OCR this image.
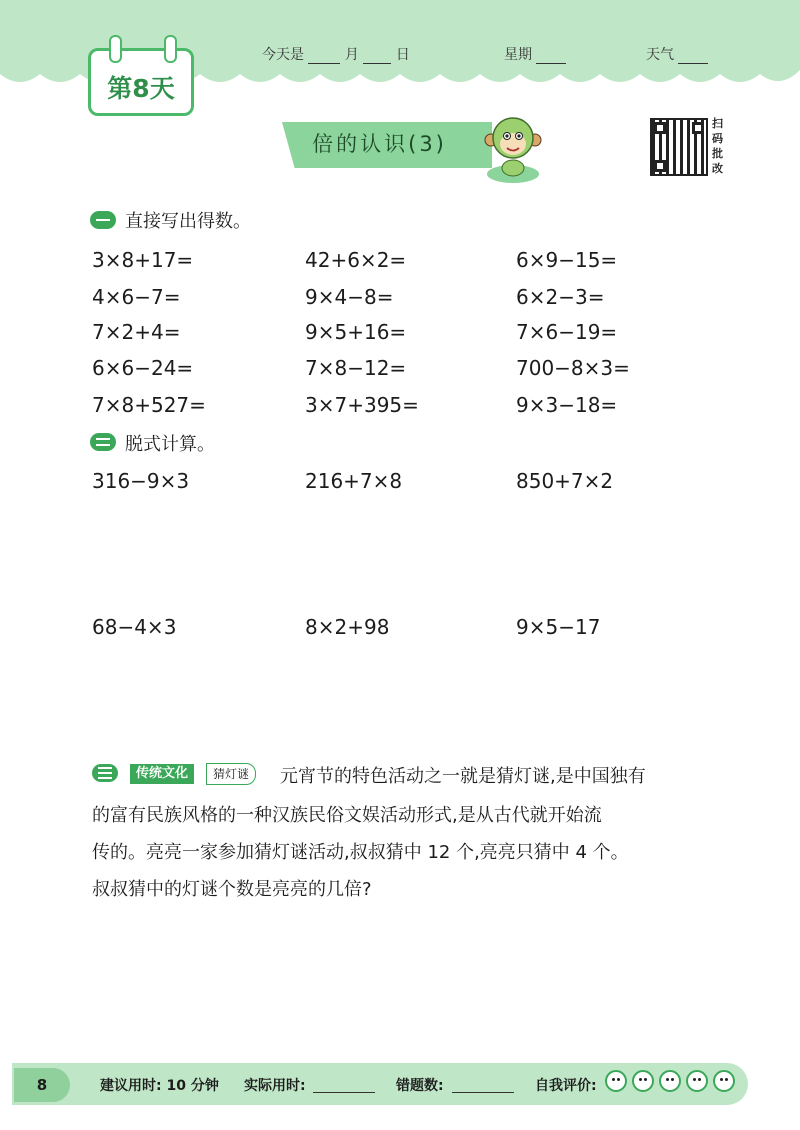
第8天
今天是	月	日	星期	天气
倍的认识(3)
扫
码
批
改
直接写出得数。
3×8+17=	42+6×2=	6×9−15=
4×6−7=	9×4−8=	6×2−3=
7×2+4=	9×5+16=	7×6−19=
6×6−24=	7×8−12=	700−8×3=
7×8+527=	3×7+395=	9×3−18=
脱式计算。
316−9×3	216+7×8	850+7×2
68−4×3	8×2+98	9×5−17
传统文化	猜灯谜	元宵节的特色活动之一就是猜灯谜,是中国独有
的富有民族风格的一种汉族民俗文娱活动形式,是从古代就开始流
传的。亮亮一家参加猜灯谜活动,叔叔猜中 12 个,亮亮只猜中 4 个。
叔叔猜中的灯谜个数是亮亮的几倍?
8	建议用时: 10 分钟 实际用时:	错题数:	自我评价:
